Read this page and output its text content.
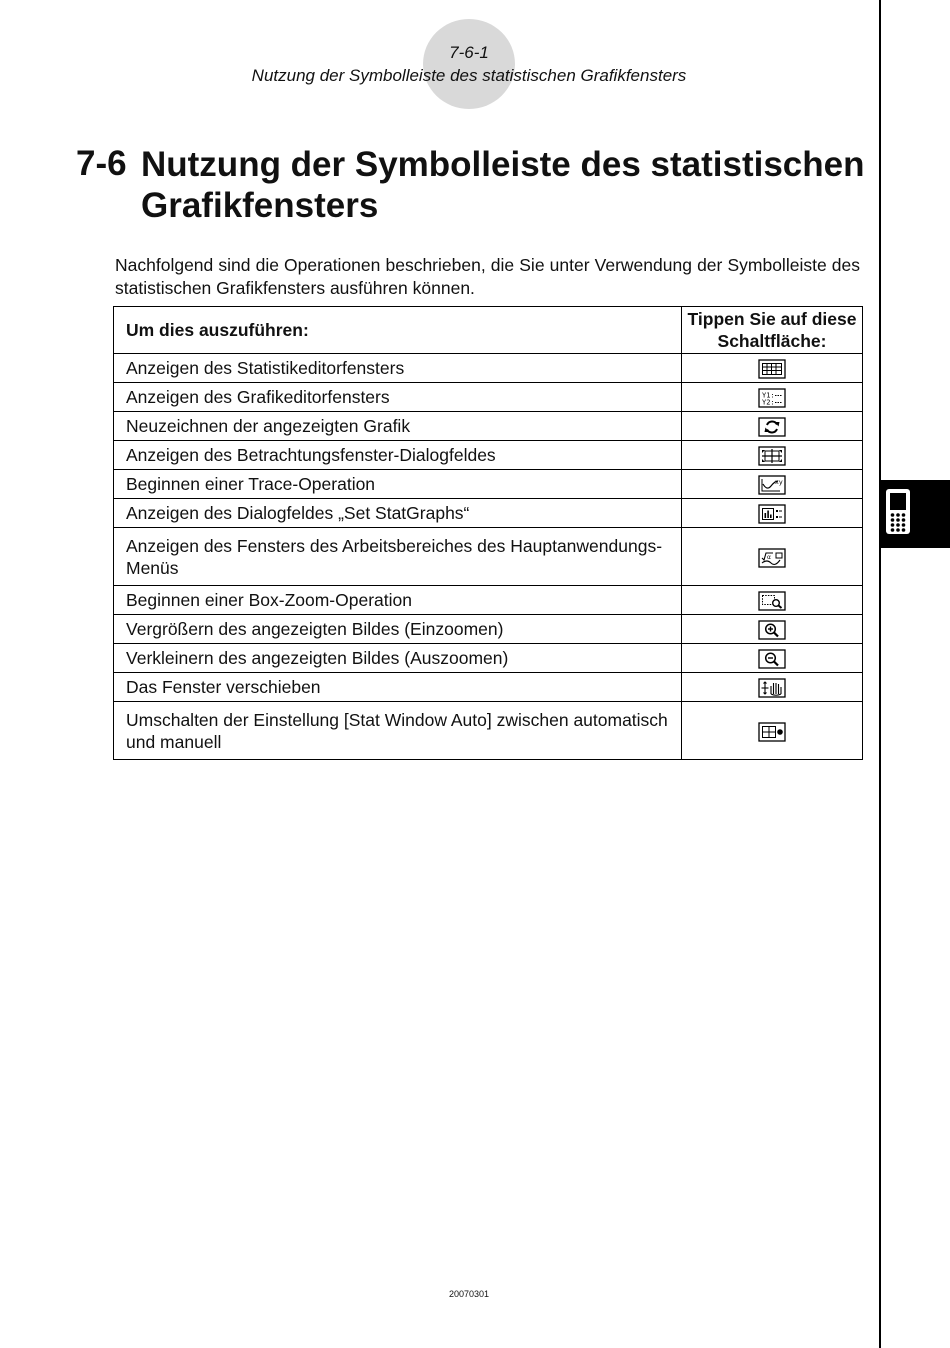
7-6-1
Nutzung der Symbolleiste des statistischen Grafikfensters
7-6 Nutzung der Symbolleiste des statistischen Grafikfensters
Nachfolgend sind die Operationen beschrieben, die Sie unter Verwendung der Symbolleiste des statistischen Grafikfensters ausführen können.
Um dies auszuführen:	Tippen Sie auf diese Schaltfläche:
Anzeigen des Statistikeditorfensters	

Anzeigen des Grafikeditorfensters	Y1:
Y2:

Neuzeichnen der angezeigten Grafik	

Anzeigen des Betrachtungsfenster-Dialogfeldes	

Beginnen einer Trace-Operation	xy

Anzeigen des Dialogfeldes „Set StatGraphs“	

Anzeigen des Fensters des Arbeitsbereiches des Hauptanwendungs-Menüs	α

Beginnen einer Box-Zoom-Operation	

Vergrößern des angezeigten Bildes (Einzoomen)	

Verkleinern des angezeigten Bildes (Auszoomen)	

Das Fenster verschieben	

Umschalten der Einstellung [Stat Window Auto] zwischen automatisch und manuell	
20070301
